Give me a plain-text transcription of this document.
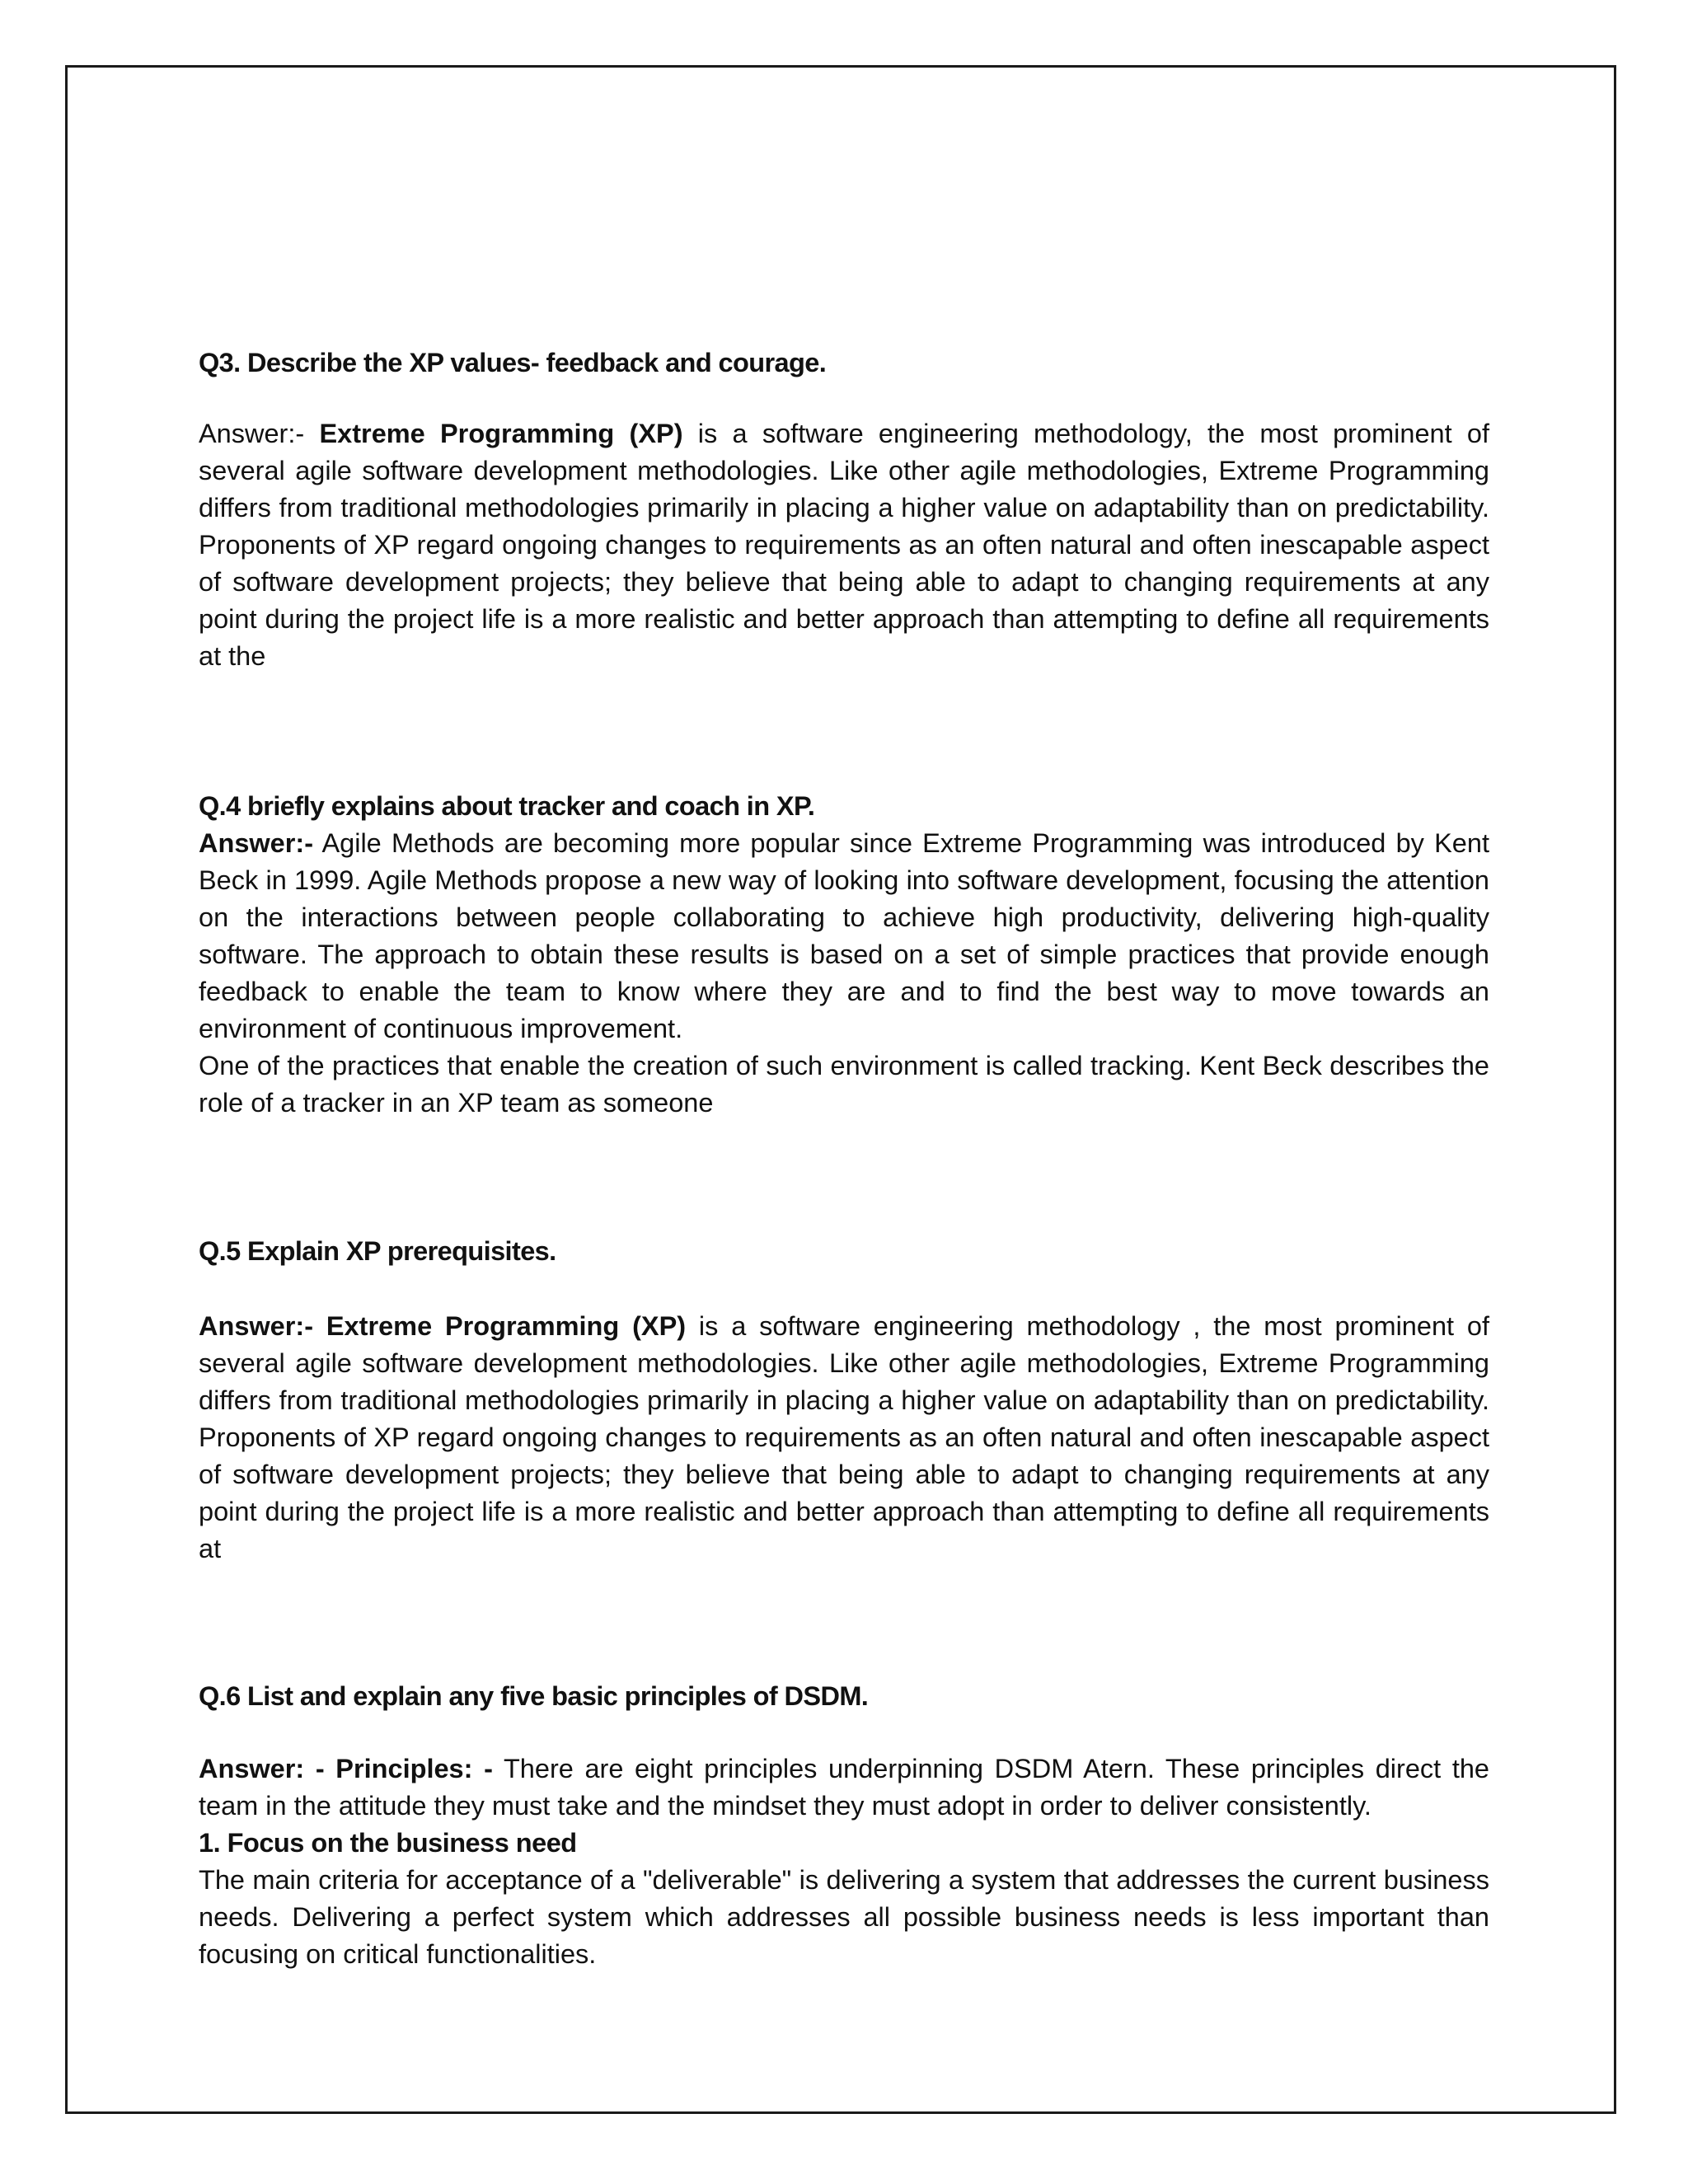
Q3. Describe the XP values- feedback and courage.

Answer:- Extreme Programming (XP) is a software engineering methodology, the most prominent of several agile software development methodologies. Like other agile methodologies, Extreme Programming differs from traditional methodologies primarily in placing a higher value on adaptability than on predictability. Proponents of XP regard ongoing changes to requirements as an often natural and often inescapable aspect of software development projects; they believe that being able to adapt to changing requirements at any point during the project life is a more realistic and better approach than attempting to define all requirements at the

Q.4 briefly explains about tracker and coach in XP.

Answer:- Agile Methods are becoming more popular since Extreme Programming was introduced by Kent Beck in 1999. Agile Methods propose a new way of looking into software development, focusing the attention on the interactions between people collaborating to achieve high productivity, delivering high-quality software. The approach to obtain these results is based on a set of simple practices that provide enough feedback to enable the team to know where they are and to find the best way to move towards an environment of continuous improvement.

One of the practices that enable the creation of such environment is called tracking. Kent Beck describes the role of a tracker in an XP team as someone

Q.5 Explain XP prerequisites.

Answer:- Extreme Programming (XP) is a software engineering methodology , the most prominent of several agile software development methodologies. Like other agile methodologies, Extreme Programming differs from traditional methodologies primarily in placing a higher value on adaptability than on predictability. Proponents of XP regard ongoing changes to requirements as an often natural and often inescapable aspect of software development projects; they believe that being able to adapt to changing requirements at any point during the project life is a more realistic and better approach than attempting to define all requirements at

Q.6 List and explain any five basic principles of DSDM.

Answer: - Principles: - There are eight principles underpinning DSDM Atern. These principles direct the team in the attitude they must take and the mindset they must adopt in order to deliver consistently.

1. Focus on the business need

The main criteria for acceptance of a "deliverable" is delivering a system that addresses the current business needs. Delivering a perfect system which addresses all possible business needs is less important than focusing on critical functionalities.
